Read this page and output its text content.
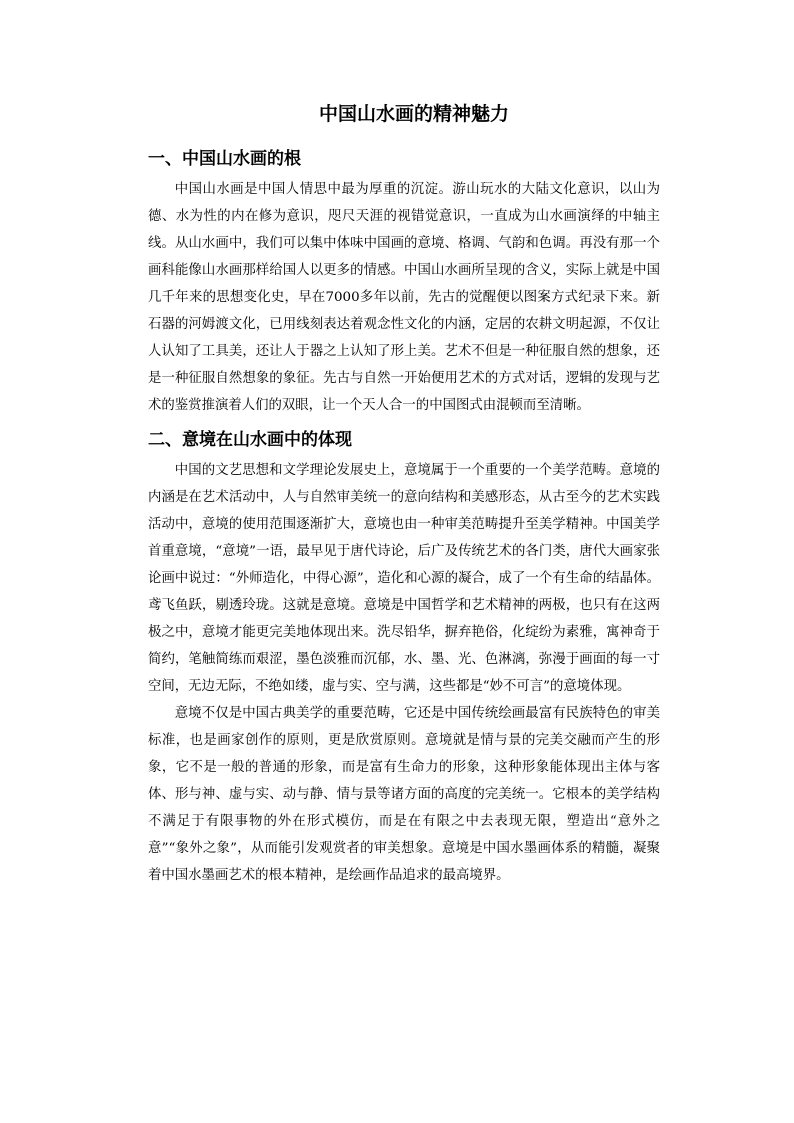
中国山水画的精神魅力
一、中国山水画的根

中国山水画是中国人情思中最为厚重的沉淀。游山玩水的大陆文化意识，以山为德、水为性的内在修为意识，咫尺天涯的视错觉意识，一直成为山水画演绎的中轴主线。从山水画中，我们可以集中体味中国画的意境、格调、气韵和色调。再没有那一个画科能像山水画那样给国人以更多的情感。中国山水画所呈现的含义，实际上就是中国几千年来的思想变化史，早在7000多年以前，先古的觉醒便以图案方式纪录下来。新石器的河姆渡文化，已用线刻表达着观念性文化的内涵，定居的农耕文明起源，不仅让人认知了工具美，还让人于器之上认知了形上美。艺术不但是一种征服自然的想象，还是一种征服自然想象的象征。先古与自然一开始便用艺术的方式对话，逻辑的发现与艺术的鉴赏推演着人们的双眼，让一个天人合一的中国图式由混顿而至清晰。

二、意境在山水画中的体现

中国的文艺思想和文学理论发展史上，意境属于一个重要的一个美学范畴。意境的内涵是在艺术活动中，人与自然审美统一的意向结构和美感形态，从古至今的艺术实践活动中，意境的使用范围逐渐扩大，意境也由一种审美范畴提升至美学精神。中国美学首重意境，“意境”一语，最早见于唐代诗论，后广及传统艺术的各门类，唐代大画家张论画中说过：“外师造化，中得心源”，造化和心源的凝合，成了一个有生命的结晶体。鸢飞鱼跃，剔透玲珑。这就是意境。意境是中国哲学和艺术精神的两极，也只有在这两极之中，意境才能更完美地体现出来。洗尽铅华，摒弃艳俗，化绽纷为素雅，寓神奇于简约，笔触简练而艰涩，墨色淡雅而沉郁，水、墨、光、色淋漓，弥漫于画面的每一寸空间，无边无际，不绝如缕，虚与实、空与满，这些都是“妙不可言”的意境体现。

意境不仅是中国古典美学的重要范畴，它还是中国传统绘画最富有民族特色的审美标准，也是画家创作的原则，更是欣赏原则。意境就是情与景的完美交融而产生的形象，它不是一般的普通的形象，而是富有生命力的形象，这种形象能体现出主体与客体、形与神、虚与实、动与静、情与景等诸方面的高度的完美统一。它根本的美学结构不满足于有限事物的外在形式模仿，而是在有限之中去表现无限，塑造出“意外之意”“象外之象”，从而能引发观赏者的审美想象。意境是中国水墨画体系的精髓，凝聚着中国水墨画艺术的根本精神，是绘画作品追求的最高境界。
